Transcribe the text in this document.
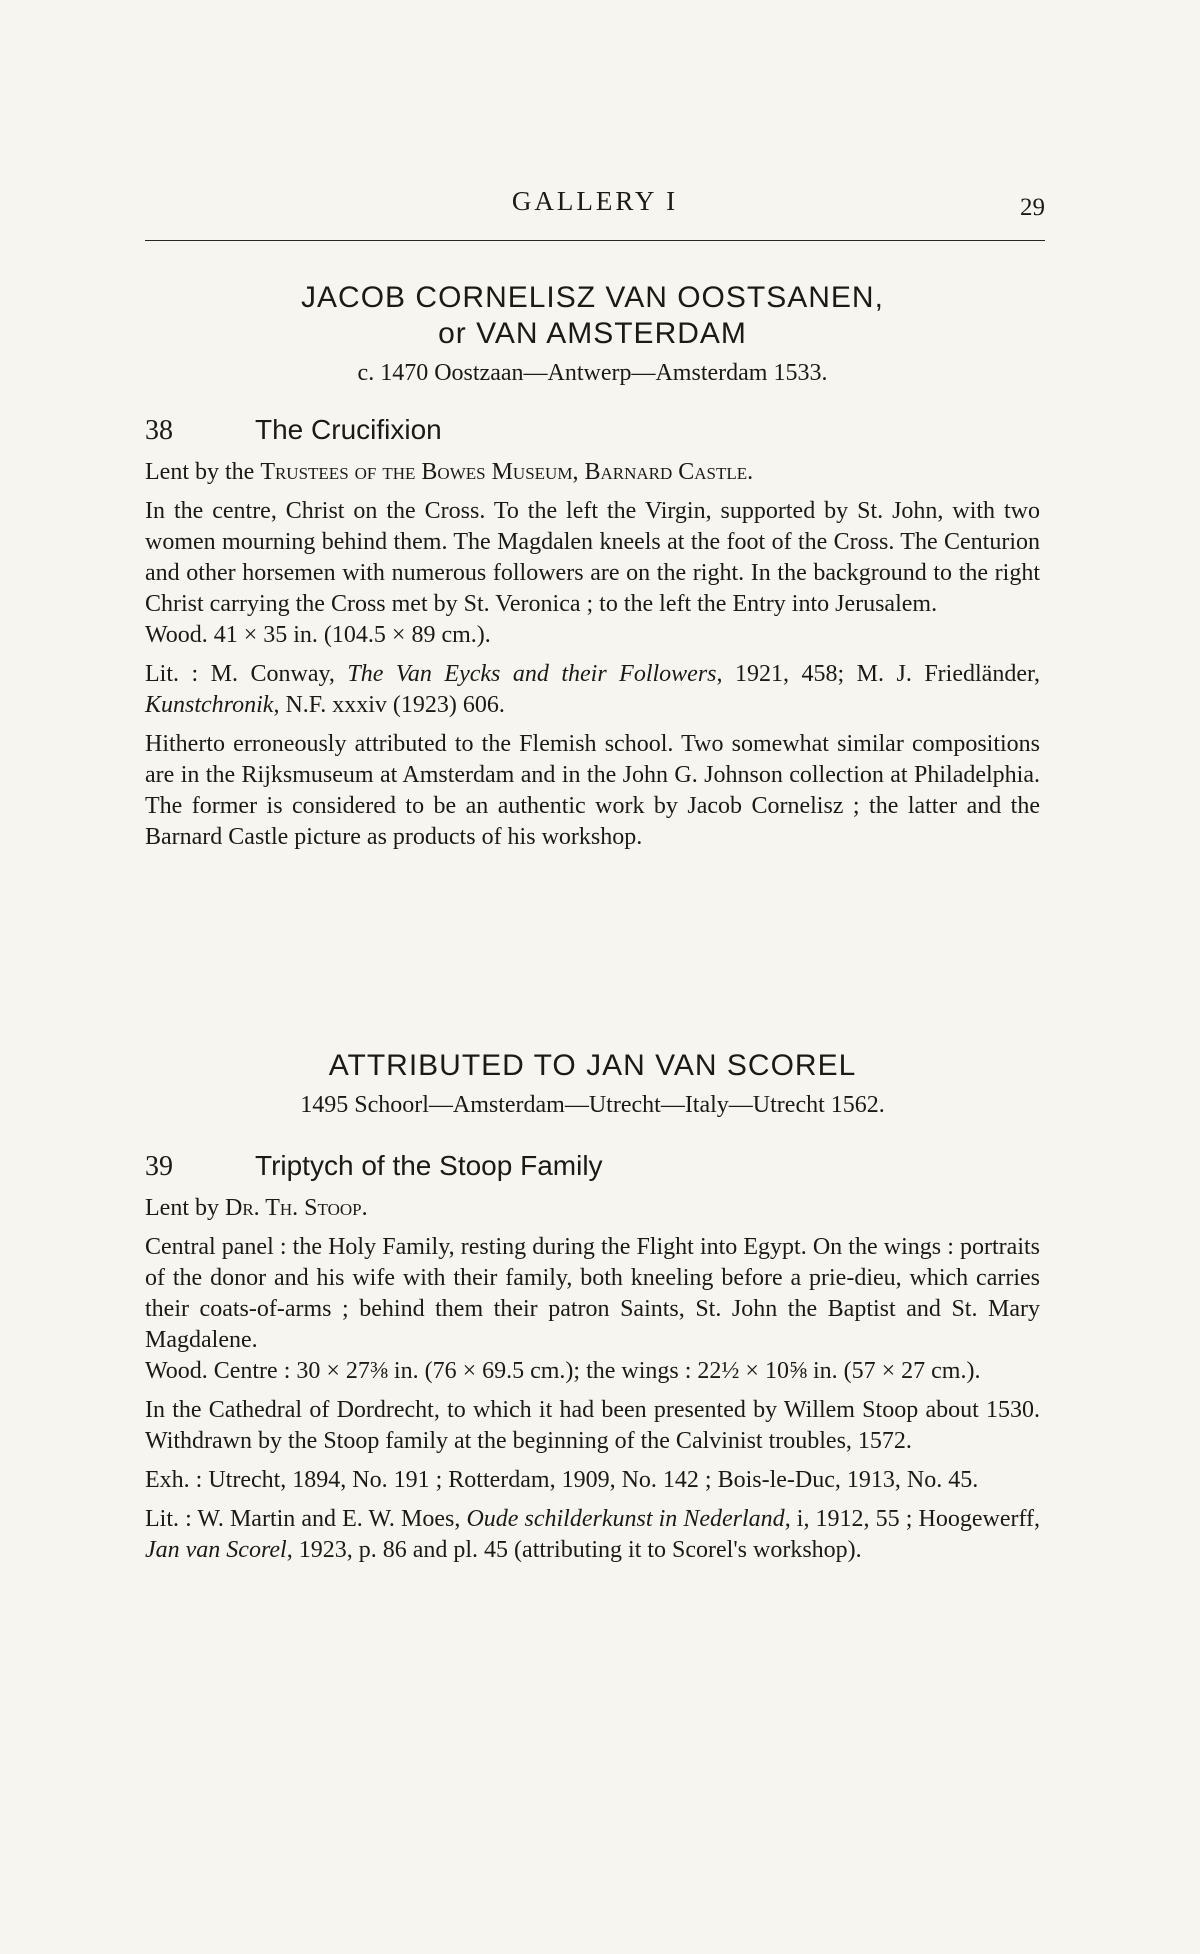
GALLERY I	29

JACOB CORNELISZ VAN OOSTSANEN,

or VAN AMSTERDAM

c. 1470 Oostzaan—Antwerp—Amsterdam 1533.

38	The Crucifixion

Lent by the Trustees of the Bowes Museum, Barnard Castle.

In the centre, Christ on the Cross. To the left the Virgin, supported by St. John, with two women mourning behind them. The Magdalen kneels at the foot of the Cross. The Centurion and other horsemen with numerous followers are on the right. In the background to the right Christ carrying the Cross met by St. Veronica ; to the left the Entry into Jerusalem.

Wood. 41 × 35 in. (104.5 × 89 cm.).

Lit. : M. Conway, The Van Eycks and their Followers, 1921, 458; M. J. Friedländer, Kunstchronik, N.F. xxxiv (1923) 606.

Hitherto erroneously attributed to the Flemish school. Two somewhat similar compositions are in the Rijksmuseum at Amsterdam and in the John G. Johnson collection at Philadelphia. The former is considered to be an authentic work by Jacob Cornelisz ; the latter and the Barnard Castle picture as products of his workshop.

ATTRIBUTED TO JAN VAN SCOREL

1495 Schoorl—Amsterdam—Utrecht—Italy—Utrecht 1562.

39	Triptych of the Stoop Family

Lent by Dr. Th. Stoop.

Central panel : the Holy Family, resting during the Flight into Egypt. On the wings : portraits of the donor and his wife with their family, both kneeling before a prie-dieu, which carries their coats-of-arms ; behind them their patron Saints, St. John the Baptist and St. Mary Magdalene.

Wood. Centre : 30 × 27⅜ in. (76 × 69.5 cm.); the wings : 22½ × 10⅝ in. (57 × 27 cm.).

In the Cathedral of Dordrecht, to which it had been presented by Willem Stoop about 1530. Withdrawn by the Stoop family at the beginning of the Calvinist troubles, 1572.

Exh. : Utrecht, 1894, No. 191 ; Rotterdam, 1909, No. 142 ; Bois-le-Duc, 1913, No. 45.

Lit. : W. Martin and E. W. Moes, Oude schilderkunst in Nederland, i, 1912, 55 ; Hoogewerff, Jan van Scorel, 1923, p. 86 and pl. 45 (attributing it to Scorel's workshop).
